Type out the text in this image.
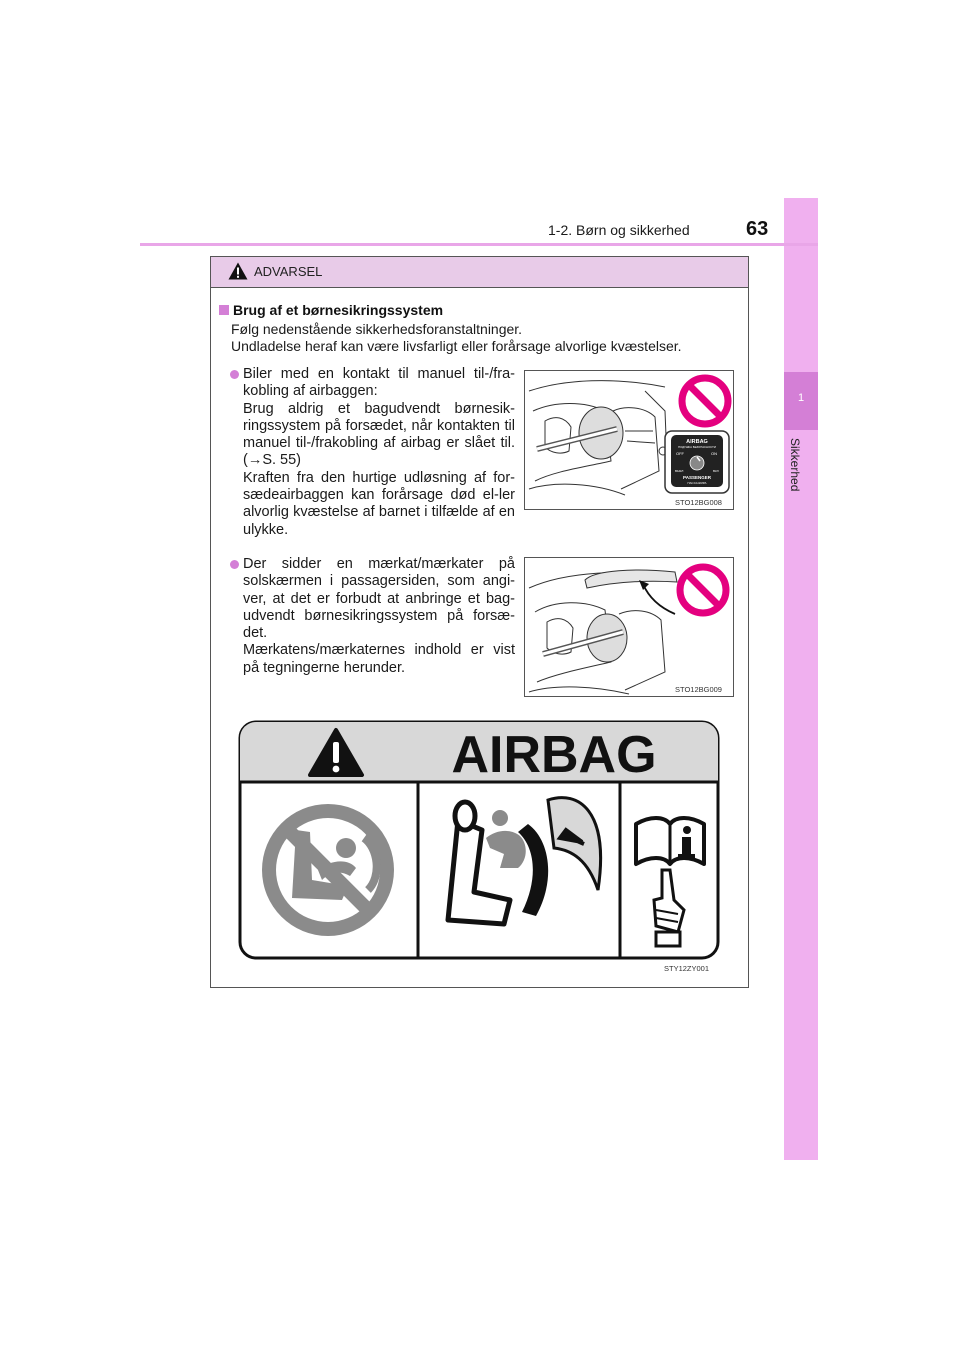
1
Sikkerhed
1-2. Børn og sikkerhed	63
ADVARSEL
Brug af et børnesikringssystem
Følg nedenstående sikkerhedsforanstaltninger.
Undladelse heraf kan være livsfarligt eller forårsage alvorlige kvæstelser.
Biler med en kontakt til manuel til-/fra-kobling af airbaggen:
Brug aldrig et bagudvendt børnesik-ringssystem på forsædet, når kontakten til manuel til-/frakobling af airbag er slået til. (→S. 55)
Kraften fra den hurtige udløsning af for-sædeairbaggen kan forårsage død el-ler alvorlig kvæstelse af barnet i tilfælde af en ulykke.
Der sidder en mærkat/mærkater på solskærmen i passagersiden, som angi-ver, at det er forbudt at anbringe et bag-udvendt børnesikringssystem på forsæ-det.
Mærkatens/mærkaternes indhold er vist på tegningerne herunder.
AIRBAG
ПОДУШКА БЕЗОПАСНОСТИ
OFF	ON
ВЫКЛ	ВКЛ
PASSENGER
ПАССАЖИРА
STO12BG008
STO12BG009
AIRBAG
STY12ZY001
